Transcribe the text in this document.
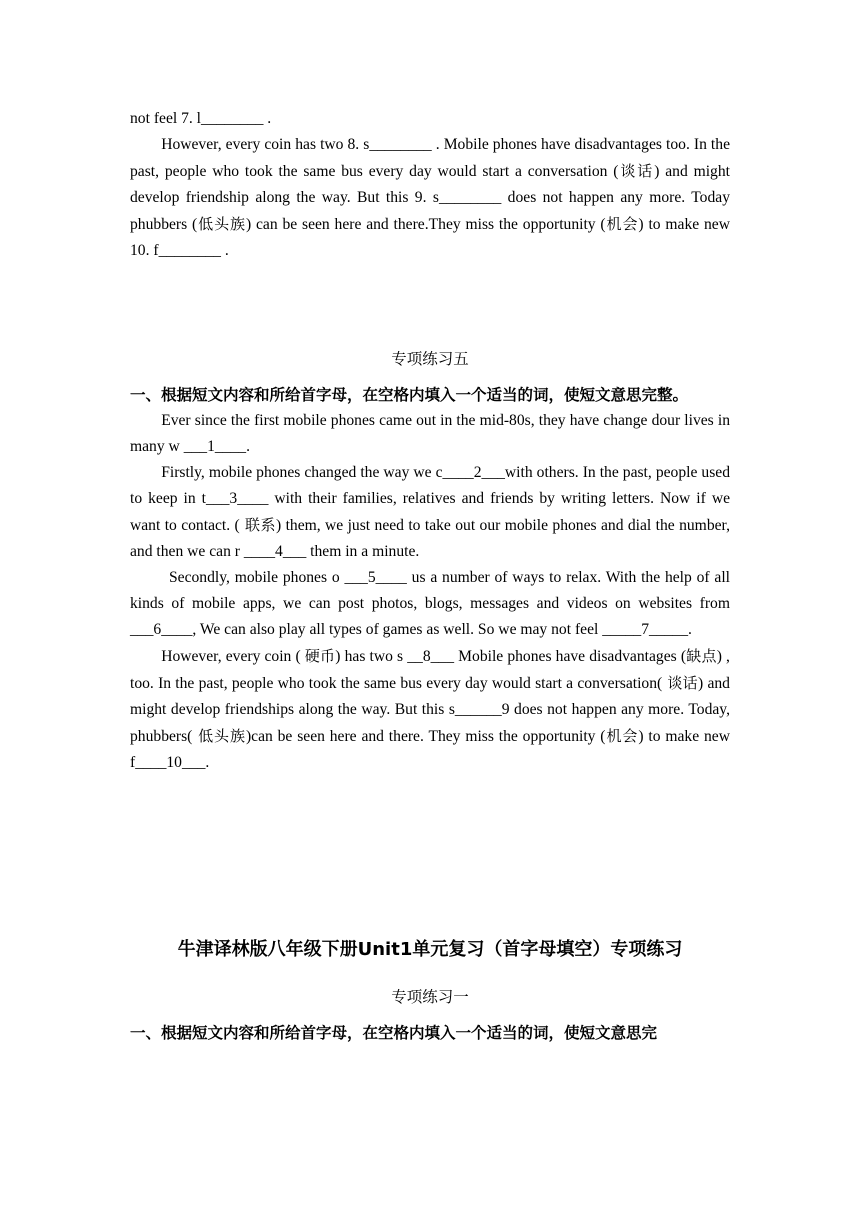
not feel 7. l________ .

However, every coin has two 8. s________ . Mobile phones have disadvantages too. In the past, people who took the same bus every day would start a conversation (谈话) and might develop friendship along the way. But this 9. s________ does not happen any more. Today phubbers (低头族) can be seen here and there.They miss the opportunity (机会) to make new 10. f________ .

专项练习五

一、根据短文内容和所给首字母，在空格内填入一个适当的词，使短文意思完整。

Ever since the first mobile phones came out in the mid-80s, they have change dour lives in many w ___1____.

Firstly, mobile phones changed the way we c____2___with others. In the past, people used to keep in t___3____ with their families, relatives and friends by writing letters. Now if we want to contact. ( 联系) them, we just need to take out our mobile phones and dial the number, and then we can r ____4___ them in a minute.

Secondly, mobile phones o ___5____ us a number of ways to relax. With the help of all kinds of mobile apps, we can post photos, blogs, messages and videos on websites from ___6____, We can also play all types of games as well. So we may not feel _____7_____.

However, every coin ( 硬币) has two s __8___ Mobile phones have disadvantages (缺点) , too. In the past, people who took the same bus every day would start a conversation( 谈话) and might develop friendships along the way. But this s______9 does not happen any more. Today, phubbers( 低头族)can be seen here and there. They miss the opportunity (机会) to make new f____10___.

牛津译林版八年级下册Unit1单元复习（首字母填空）专项练习

专项练习一

一、根据短文内容和所给首字母，在空格内填入一个适当的词，使短文意思完
